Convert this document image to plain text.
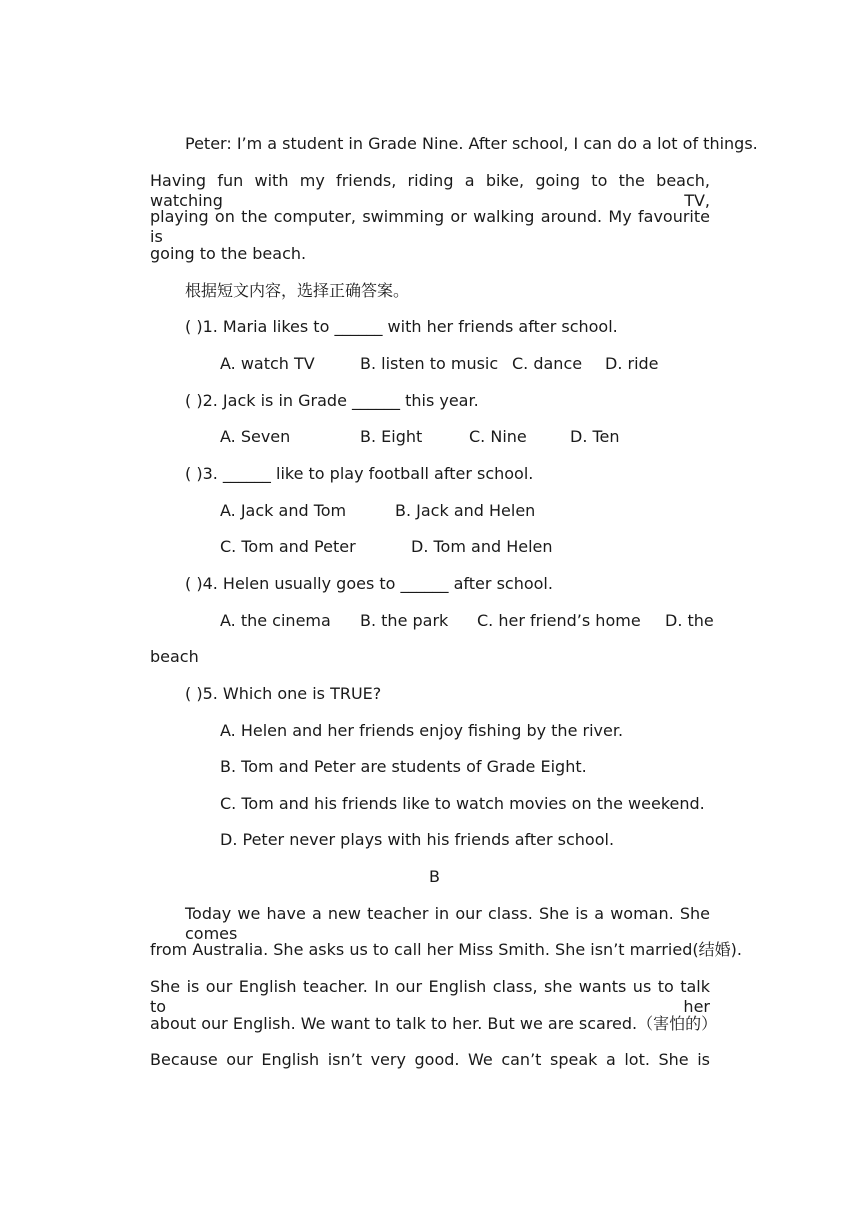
Peter: I’m a student in Grade Nine. After school, I can do a lot of things.
Having fun with my friends, riding a bike, going to the beach, watching TV,
playing on the computer, swimming or walking around. My favourite is
going to the beach.
根据短文内容，选择正确答案。
( )1. Maria likes to ______ with her friends after school.
A. watch TV	B. listen to music C. dance D. ride
( )2. Jack is in Grade ______ this year.
A. Seven	B. Eight	C. Nine	D. Ten
( )3. ______ like to play football after school.
A. Jack and Tom	B. Jack and Helen
C. Tom and Peter	D. Tom and Helen
( )4. Helen usually goes to ______ after school.
A. the cinema B. the park C. her friend’s home D. the
beach
( )5. Which one is TRUE?
A. Helen and her friends enjoy fishing by the river.
B. Tom and Peter are students of Grade Eight.
C. Tom and his friends like to watch movies on the weekend.
D. Peter never plays with his friends after school.
B
Today we have a new teacher in our class. She is a woman. She comes
from Australia. She asks us to call her Miss Smith. She isn’t married(结婚).
She is our English teacher. In our English class, she wants us to talk to her
about our English. We want to talk to her. But we are scared.（害怕的）
Because our English isn’t very good. We can’t speak a lot. She is
